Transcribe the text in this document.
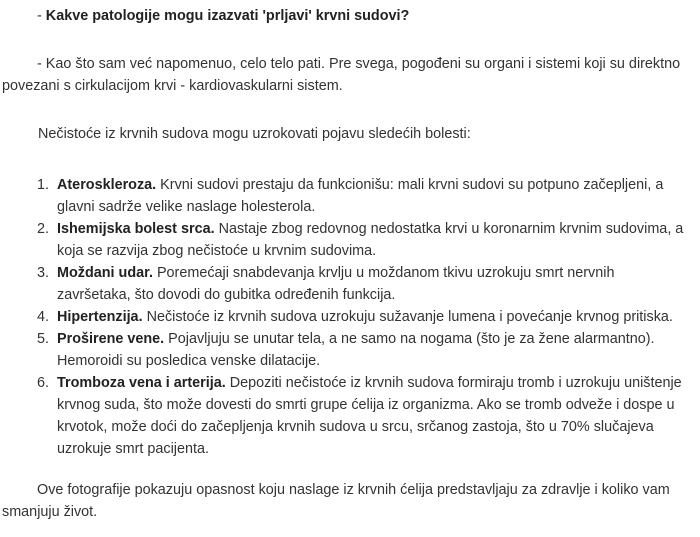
- Kakve patologije mogu izazvati 'prljavi' krvni sudovi?

- Kao što sam već napomenuo, celo telo pati. Pre svega, pogođeni su organi i sistemi koji su direktno povezani s cirkulacijom krvi - kardiovaskularni sistem.

Nečistoće iz krvnih sudova mogu uzrokovati pojavu sledećih bolesti:

1. Ateroskleroza. Krvni sudovi prestaju da funkcionišu: mali krvni sudovi su potpuno začepljeni, a glavni sadrže velike naslage holesterola.
2. Ishemijska bolest srca. Nastaje zbog redovnog nedostatka krvi u koronarnim krvnim sudovima, a koja se razvija zbog nečistoće u krvnim sudovima.
3. Moždani udar. Poremećaji snabdevanja krvlju u moždanom tkivu uzrokuju smrt nervnih završetaka, što dovodi do gubitka određenih funkcija.
4. Hipertenzija. Nečistoće iz krvnih sudova uzrokuju sužavanje lumena i povećanje krvnog pritiska.
5. Proširene vene. Pojavljuju se unutar tela, a ne samo na nogama (što je za žene alarmantno). Hemoroidi su posledica venske dilatacije.
6. Tromboza vena i arterija. Depoziti nečistoće iz krvnih sudova formiraju tromb i uzrokuju uništenje krvnog suda, što može dovesti do smrti grupe ćelija iz organizma. Ako se tromb odveže i dospe u krvotok, može doći do začepljenja krvnih sudova u srcu, srčanog zastoja, što u 70% slučajeva uzrokuje smrt pacijenta.

Ove fotografije pokazuju opasnost koju naslage iz krvnih ćelija predstavljaju za zdravlje i koliko vam smanjuju život.
